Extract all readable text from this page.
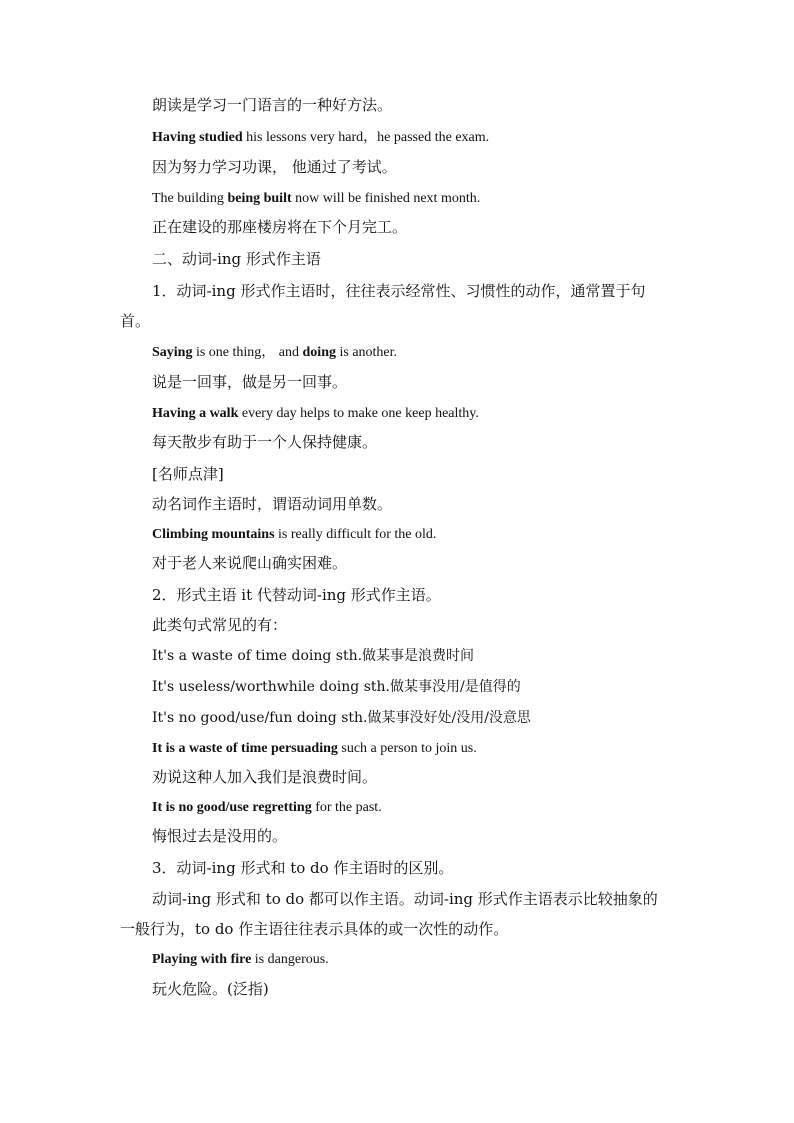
朗读是学习一门语言的一种好方法。

Having studied his lessons very hard，he passed the exam.

因为努力学习功课， 他通过了考试。

The building being built now will be finished next month.

正在建设的那座楼房将在下个月完工。

二、动词-ing 形式作主语

1．动词-ing 形式作主语时，往往表示经常性、习惯性的动作，通常置于句

首。

Saying is one thing， and doing is another.

说是一回事，做是另一回事。

Having a walk every day helps to make one keep healthy.

每天散步有助于一个人保持健康。

[名师点津]

动名词作主语时，谓语动词用单数。

Climbing mountains is really difficult for the old.

对于老人来说爬山确实困难。

2．形式主语 it 代替动词-ing 形式作主语。

此类句式常见的有：

It's a waste of time doing sth.做某事是浪费时间

It's useless/worthwhile doing sth.做某事没用/是值得的

It's no good/use/fun doing sth.做某事没好处/没用/没意思

It is a waste of time persuading such a person to join us.

劝说这种人加入我们是浪费时间。

It is no good/use regretting for the past.

悔恨过去是没用的。

3．动词-ing 形式和 to do 作主语时的区别。

动词-ing 形式和 to do 都可以作主语。动词-ing 形式作主语表示比较抽象的

一般行为，to do 作主语往往表示具体的或一次性的动作。

Playing with fire is dangerous.

玩火危险。(泛指)
